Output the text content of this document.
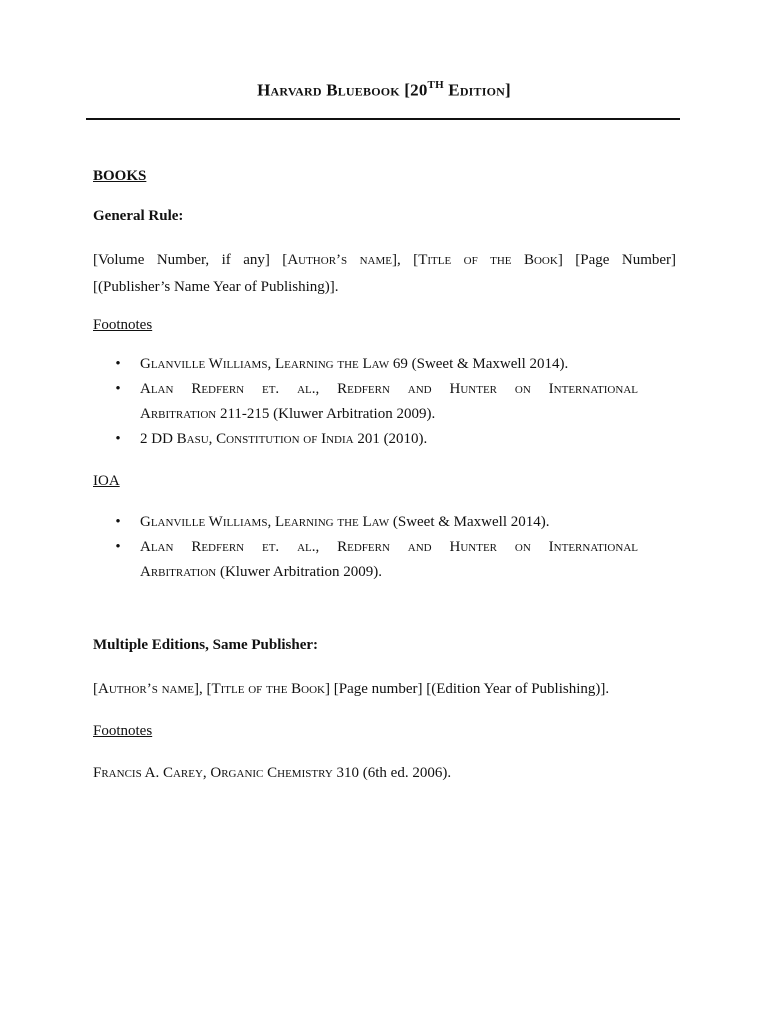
Harvard Bluebook [20TH Edition]
BOOKS
General Rule:
[Volume Number, if any] [Author’s name], [Title of the Book] [Page Number]
[(Publisher’s Name Year of Publishing)].
Footnotes
• Glanville Williams, Learning the Law 69 (Sweet & Maxwell 2014).
• Alan Redfern et. al., Redfern and Hunter on International
Arbitration 211-215 (Kluwer Arbitration 2009).
• 2 DD Basu, Constitution of India 201 (2010).
IOA
• Glanville Williams, Learning the Law (Sweet & Maxwell 2014).
• Alan Redfern et. al., Redfern and Hunter on International
Arbitration (Kluwer Arbitration 2009).
Multiple Editions, Same Publisher:
[Author’s name], [Title of the Book] [Page number] [(Edition Year of Publishing)].
Footnotes
Francis A. Carey, Organic Chemistry 310 (6th ed. 2006).
